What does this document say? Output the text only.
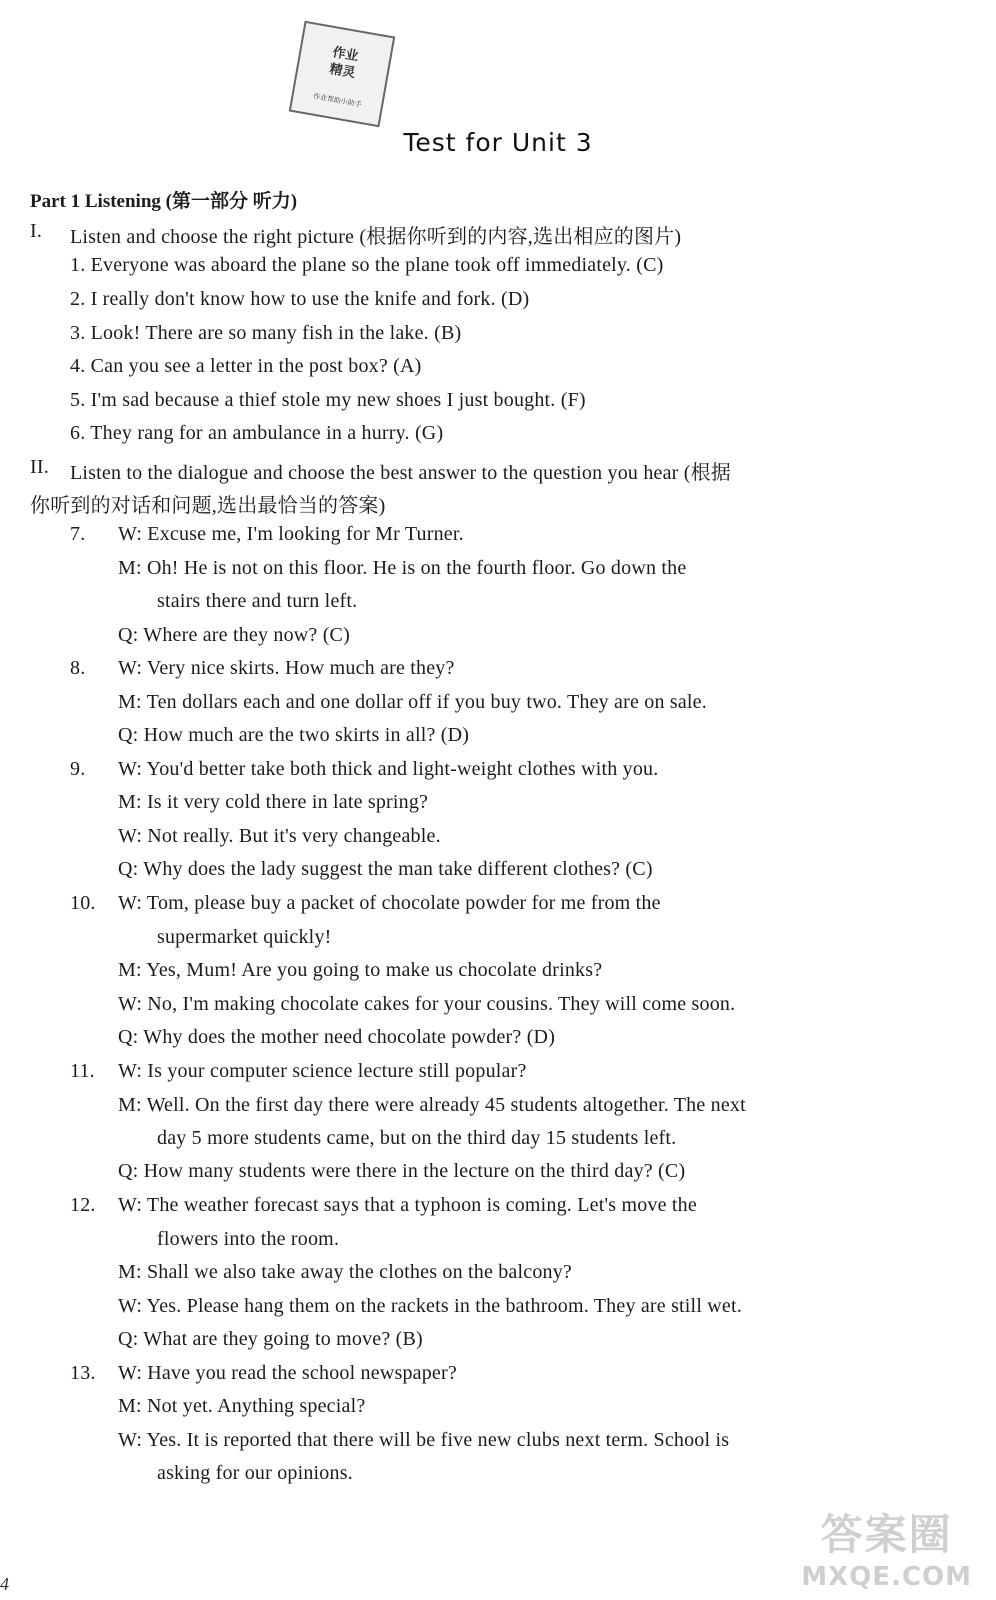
作业
精灵
作业帮助小助手
Test for Unit 3
Part 1 Listening (第一部分 听力)
I. Listen and choose the right picture (根据你听到的内容,选出相应的图片)
1. Everyone was aboard the plane so the plane took off immediately. (C)
2. I really don't know how to use the knife and fork. (D)
3. Look! There are so many fish in the lake. (B)
4. Can you see a letter in the post box? (A)
5. I'm sad because a thief stole my new shoes I just bought. (F)
6. They rang for an ambulance in a hurry. (G)
II. Listen to the dialogue and choose the best answer to the question you hear (根据
你听到的对话和问题,选出最恰当的答案)
7. W: Excuse me, I'm looking for Mr Turner.
M: Oh! He is not on this floor. He is on the fourth floor. Go down the
stairs there and turn left.
Q: Where are they now? (C)
8. W: Very nice skirts. How much are they?
M: Ten dollars each and one dollar off if you buy two. They are on sale.
Q: How much are the two skirts in all? (D)
9. W: You'd better take both thick and light-weight clothes with you.
M: Is it very cold there in late spring?
W: Not really. But it's very changeable.
Q: Why does the lady suggest the man take different clothes? (C)
10. W: Tom, please buy a packet of chocolate powder for me from the
supermarket quickly!
M: Yes, Mum! Are you going to make us chocolate drinks?
W: No, I'm making chocolate cakes for your cousins. They will come soon.
Q: Why does the mother need chocolate powder? (D)
11. W: Is your computer science lecture still popular?
M: Well. On the first day there were already 45 students altogether. The next
day 5 more students came, but on the third day 15 students left.
Q: How many students were there in the lecture on the third day? (C)
12. W: The weather forecast says that a typhoon is coming. Let's move the
flowers into the room.
M: Shall we also take away the clothes on the balcony?
W: Yes. Please hang them on the rackets in the bathroom. They are still wet.
Q: What are they going to move? (B)
13. W: Have you read the school newspaper?
M: Not yet. Anything special?
W: Yes. It is reported that there will be five new clubs next term. School is
asking for our opinions.
4
答案圈
MXQE.COM
